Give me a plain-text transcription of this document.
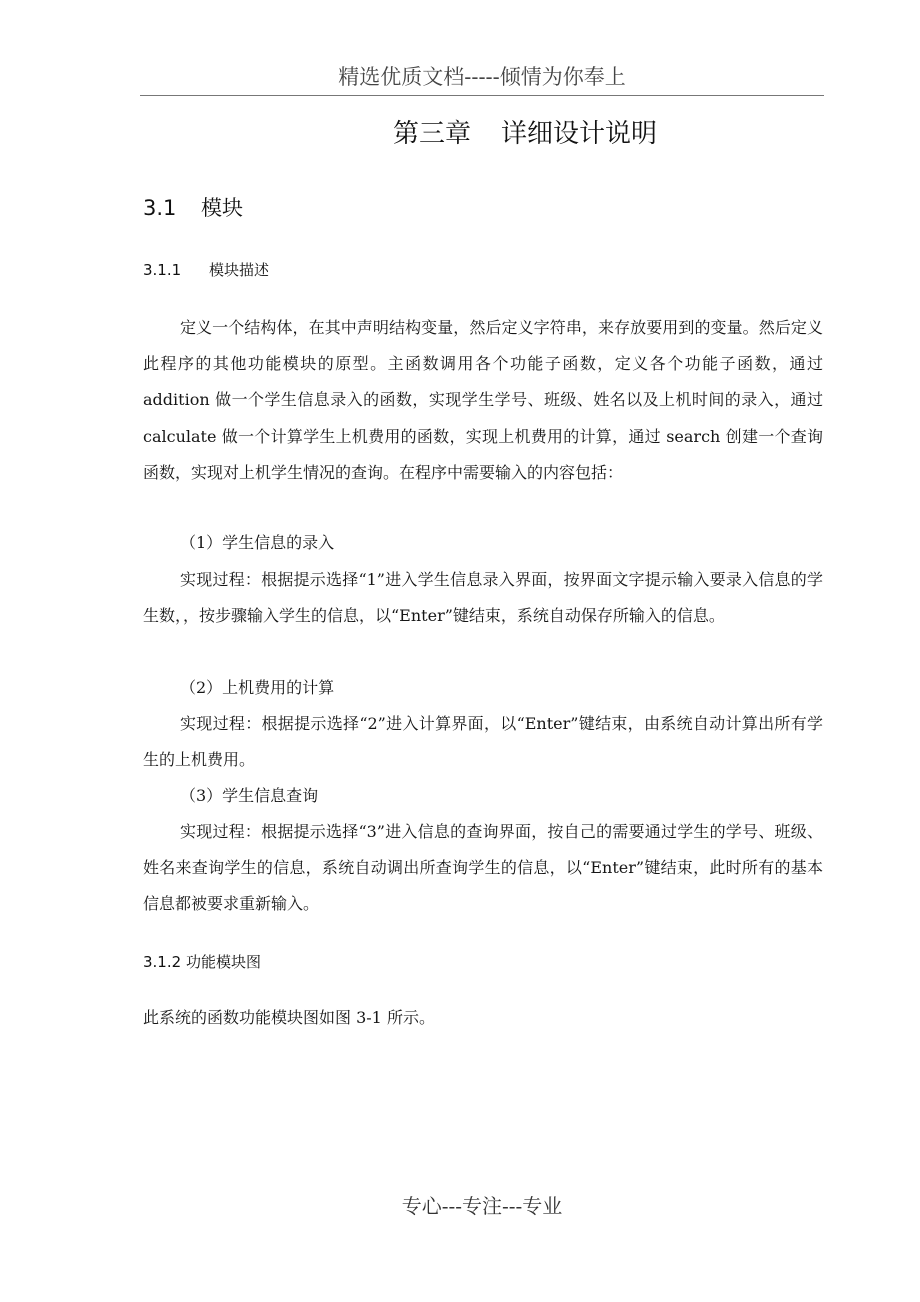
精选优质文档-----倾情为你奉上
第三章 详细设计说明
3.1 模块
3.1.1 模块描述
定义一个结构体，在其中声明结构变量，然后定义字符串，来存放要用到的变量。然后定义此程序的其他功能模块的原型。主函数调用各个功能子函数，定义各个功能子函数，通过 addition 做一个学生信息录入的函数，实现学生学号、班级、姓名以及上机时间的录入，通过 calculate 做一个计算学生上机费用的函数，实现上机费用的计算，通过 search 创建一个查询函数，实现对上机学生情况的查询。在程序中需要输入的内容包括：
（1）学生信息的录入
实现过程：根据提示选择“1”进入学生信息录入界面，按界面文字提示输入要录入信息的学生数，，按步骤输入学生的信息，以“Enter”键结束，系统自动保存所输入的信息。
（2）上机费用的计算
实现过程：根据提示选择“2”进入计算界面，以“Enter”键结束，由系统自动计算出所有学生的上机费用。
（3）学生信息查询
实现过程：根据提示选择“3”进入信息的查询界面，按自己的需要通过学生的学号、班级、姓名来查询学生的信息，系统自动调出所查询学生的信息，以“Enter”键结束，此时所有的基本信息都被要求重新输入。
3.1.2 功能模块图
此系统的函数功能模块图如图 3-1 所示。
专心---专注---专业
